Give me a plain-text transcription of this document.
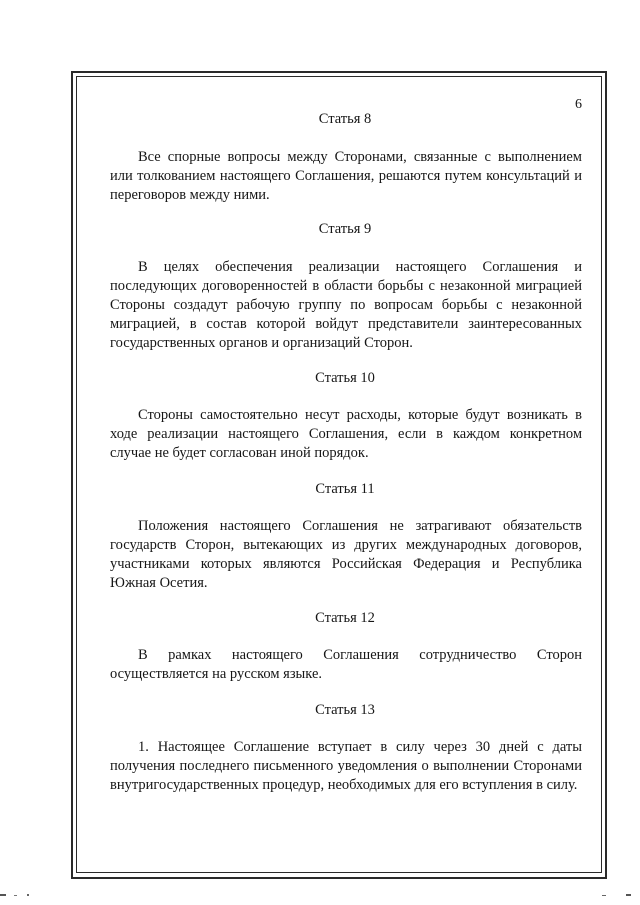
6
Статья 8

Все спорные вопросы между Сторонами, связанные с выполнением или толкованием настоящего Соглашения, решаются путем консультаций и переговоров между ними.

Статья 9

В целях обеспечения реализации настоящего Соглашения и последующих договоренностей в области борьбы с незаконной миграцией Стороны создадут рабочую группу по вопросам борьбы с незаконной миграцией, в состав которой войдут представители заинтересованных государственных органов и организаций Сторон.

Статья 10

Стороны самостоятельно несут расходы, которые будут возникать в ходе реализации настоящего Соглашения, если в каждом конкретном случае не будет согласован иной порядок.

Статья 11

Положения настоящего Соглашения не затрагивают обязательств государств Сторон, вытекающих из других международных договоров, участниками которых являются Российская Федерация и Республика Южная Осетия.

Статья 12

В рамках настоящего Соглашения сотрудничество Сторон осуществляется на русском языке.

Статья 13

1. Настоящее Соглашение вступает в силу через 30 дней с даты получения последнего письменного уведомления о выполнении Сторонами внутригосударственных процедур, необходимых для его вступления в силу.
